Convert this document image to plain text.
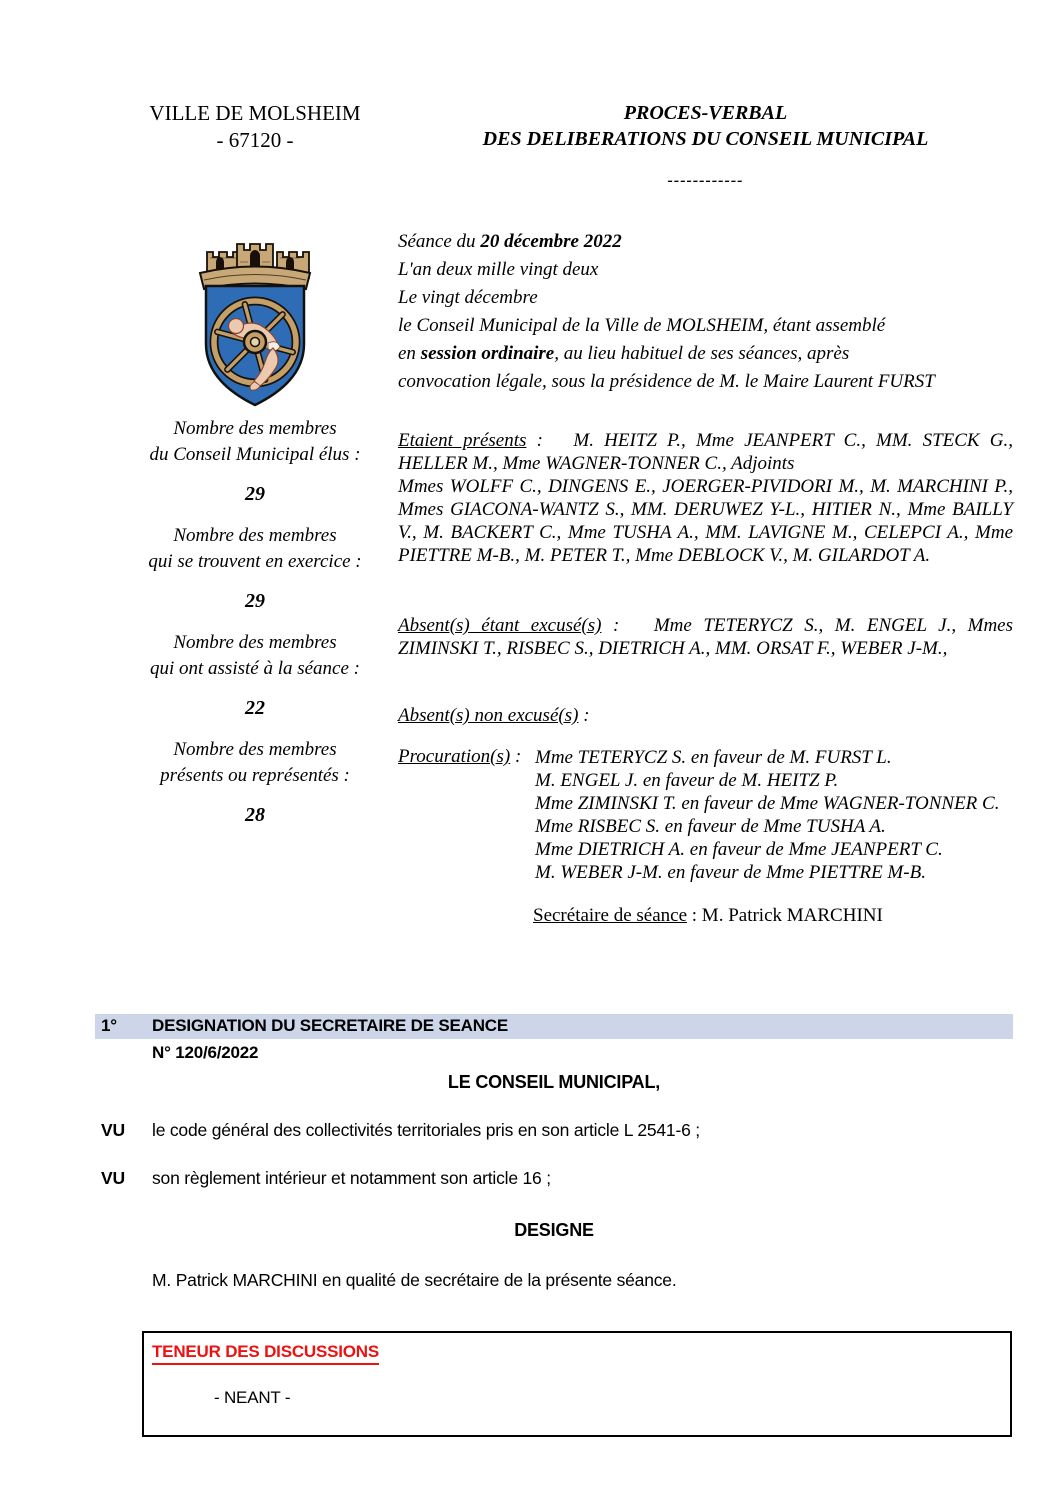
VILLE DE MOLSHEIM
- 67120 -
PROCES-VERBAL
DES DELIBERATIONS DU CONSEIL MUNICIPAL
------------
Nombre des membres
du Conseil Municipal élus :
29
Nombre des membres
qui se trouvent en exercice :
29
Nombre des membres
qui ont assisté à la séance :
22
Nombre des membres
présents ou représentés :
28

Séance du 20 décembre 2022

L'an deux mille vingt deux

Le vingt décembre

le Conseil Municipal de la Ville de MOLSHEIM, étant assemblé

en session ordinaire, au lieu habituel de ses séances, après

convocation légale, sous la présidence de M. le Maire Laurent FURST

Etaient présents :   M. HEITZ P., Mme JEANPERT C., MM. STECK G., HELLER M., Mme WAGNER-TONNER C., Adjoints

Mmes WOLFF C., DINGENS E., JOERGER-PIVIDORI M., M. MARCHINI P., Mmes GIACONA-WANTZ S., MM. DERUWEZ Y-L., HITIER N., Mme BAILLY V., M. BACKERT C., Mme TUSHA A., MM. LAVIGNE M., CELEPCI A., Mme PIETTRE M-B., M. PETER T., Mme DEBLOCK V., M. GILARDOT A.

Absent(s) étant excusé(s) :   Mme TETERYCZ S., M. ENGEL J., Mmes ZIMINSKI T., RISBEC S., DIETRICH A., MM. ORSAT F., WEBER J-M.,

Absent(s) non excusé(s) :

Procuration(s) : Mme TETERYCZ S. en faveur de M. FURST L.
M. ENGEL J. en faveur de M. HEITZ P.
Mme ZIMINSKI T. en faveur de Mme WAGNER-TONNER C.
Mme RISBEC S. en faveur de Mme TUSHA A.
Mme DIETRICH A. en faveur de Mme JEANPERT C.
M. WEBER J-M. en faveur de Mme PIETTRE M-B.

Secrétaire de séance : M. Patrick MARCHINI

1°	DESIGNATION DU SECRETAIRE DE SEANCE
N° 120/6/2022
LE CONSEIL MUNICIPAL,
VU	le code général des collectivités territoriales pris en son article L 2541-6 ;
VU	son règlement intérieur et notamment son article 16 ;
DESIGNE
M. Patrick MARCHINI en qualité de secrétaire de la présente séance.
TENEUR DES DISCUSSIONS
- NEANT -
